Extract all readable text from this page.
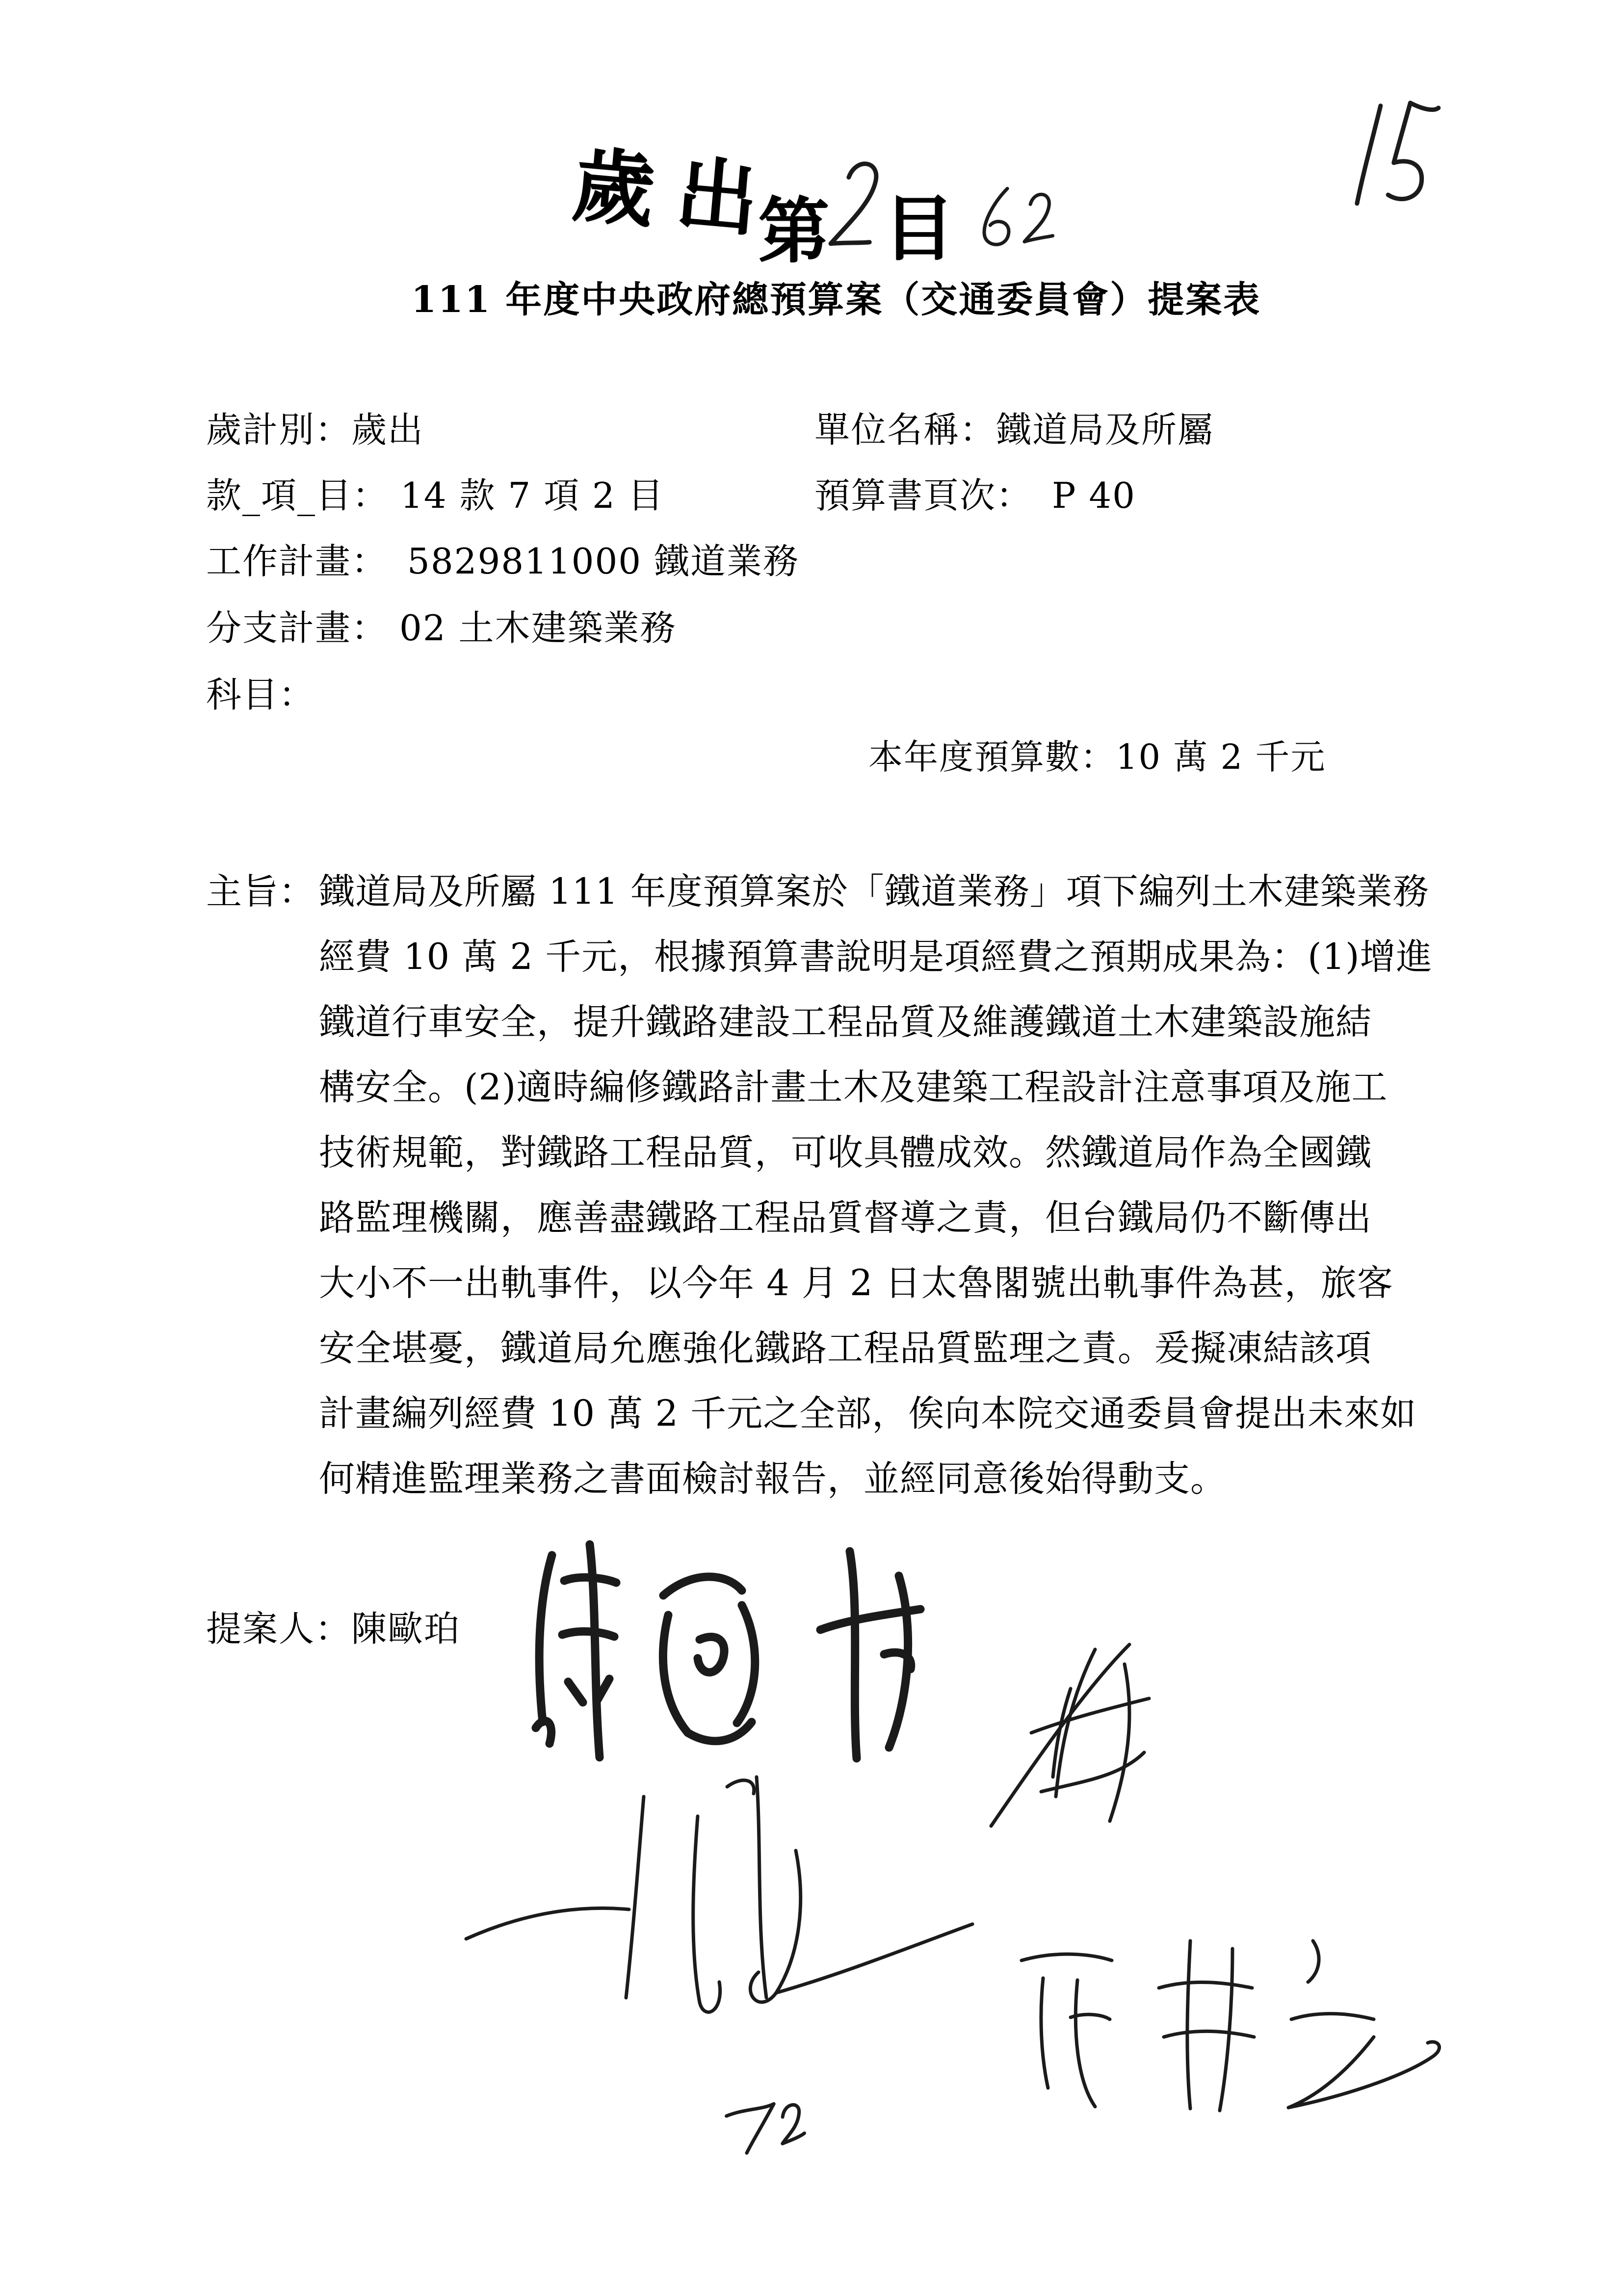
歲出
第 目
111 年度中央政府總預算案（交通委員會）提案表
歲計別：歲出	單位名稱：鐵道局及所屬
款_項_目： 14 款 7 項 2 目	預算書頁次： P 40
工作計畫： 5829811000 鐵道業務
分支計畫： 02 土木建築業務
科目：
本年度預算數：10 萬 2 千元
主旨： 鐵道局及所屬 111 年度預算案於「鐵道業務」項下編列土木建築業務
經費 10 萬 2 千元，根據預算書說明是項經費之預期成果為：(1)增進
鐵道行車安全，提升鐵路建設工程品質及維護鐵道土木建築設施結
構安全。(2)適時編修鐵路計畫土木及建築工程設計注意事項及施工
技術規範，對鐵路工程品質，可收具體成效。然鐵道局作為全國鐵
路監理機關，應善盡鐵路工程品質督導之責，但台鐵局仍不斷傳出
大小不一出軌事件，以今年 4 月 2 日太魯閣號出軌事件為甚，旅客
安全堪憂，鐵道局允應強化鐵路工程品質監理之責。爰擬凍結該項
計畫編列經費 10 萬 2 千元之全部，俟向本院交通委員會提出未來如
何精進監理業務之書面檢討報告，並經同意後始得動支。
提案人：陳歐珀
